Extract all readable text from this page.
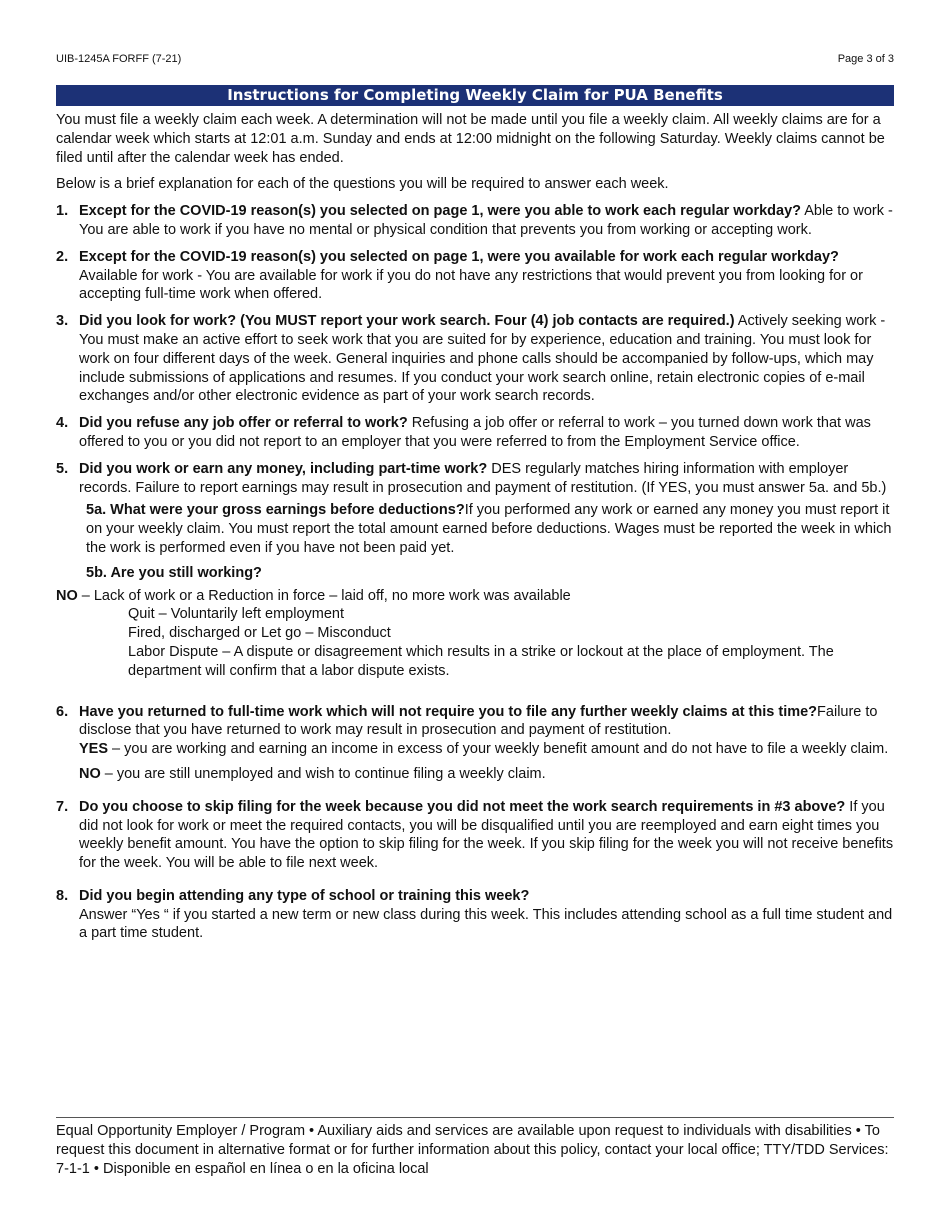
UIB-1245A FORFF (7-21)	Page 3 of 3
Instructions for Completing Weekly Claim for PUA Benefits

You must file a weekly claim each week. A determination will not be made until you file a weekly claim. All weekly claims are for a calendar week which starts at 12:01 a.m. Sunday and ends at 12:00 midnight on the following Saturday. Weekly claims cannot be filed until after the calendar week has ended.

Below is a brief explanation for each of the questions you will be required to answer each week.

1. Except for the COVID-19 reason(s) you selected on page 1, were you able to work each regular workday? Able to work - You are able to work if you have no mental or physical condition that prevents you from working or accepting work.

2. Except for the COVID-19 reason(s) you selected on page 1, were you available for work each regular workday? Available for work - You are available for work if you do not have any restrictions that would prevent you from looking for or accepting full-time work when offered.

3. Did you look for work? (You MUST report your work search. Four (4) job contacts are required.) Actively seeking work - You must make an active effort to seek work that you are suited for by experience, education and training. You must look for work on four different days of the week. General inquiries and phone calls should be accompanied by follow-ups, which may include submissions of applications and resumes. If you conduct your work search online, retain electronic copies of e-mail exchanges and/or other electronic evidence as part of your work search records.

4. Did you refuse any job offer or referral to work? Refusing a job offer or referral to work – you turned down work that was offered to you or you did not report to an employer that you were referred to from the Employment Service office.

5. Did you work or earn any money, including part-time work? DES regularly matches hiring information with employer records. Failure to report earnings may result in prosecution and payment of restitution. (If YES, you must answer 5a. and 5b.)

5a. What were your gross earnings before deductions?If you performed any work or earned any money you must report it on your weekly claim. You must report the total amount earned before deductions. Wages must be reported the week in which the work is performed even if you have not been paid yet.

5b. Are you still working?

NO – Lack of work or a Reduction in force – laid off, no more work was available

Quit – Voluntarily left employment

Fired, discharged or Let go – Misconduct

Labor Dispute – A dispute or disagreement which results in a strike or lockout at the place of employment. The department will confirm that a labor dispute exists.

6. Have you returned to full-time work which will not require you to file any further weekly claims at this time?Failure to disclose that you have returned to work may result in prosecution and payment of restitution.

YES – you are working and earning an income in excess of your weekly benefit amount and do not have to file a weekly claim.

NO – you are still unemployed and wish to continue filing a weekly claim.

7. Do you choose to skip filing for the week because you did not meet the work search requirements in #3 above? If you did not look for work or meet the required contacts, you will be disqualified until you are reemployed and earn eight times you weekly benefit amount. You have the option to skip filing for the week. If you skip filing for the week you will not receive benefits for the week. You will be able to file next week.

8. Did you begin attending any type of school or training this week?

Answer “Yes “ if you started a new term or new class during this week. This includes attending school as a full time student and a part time student.

Equal Opportunity Employer / Program • Auxiliary aids and services are available upon request to individuals with disabilities • To request this document in alternative format or for further information about this policy, contact your local office; TTY/TDD Services: 7-1-1 • Disponible en español en línea o en la oficina local
